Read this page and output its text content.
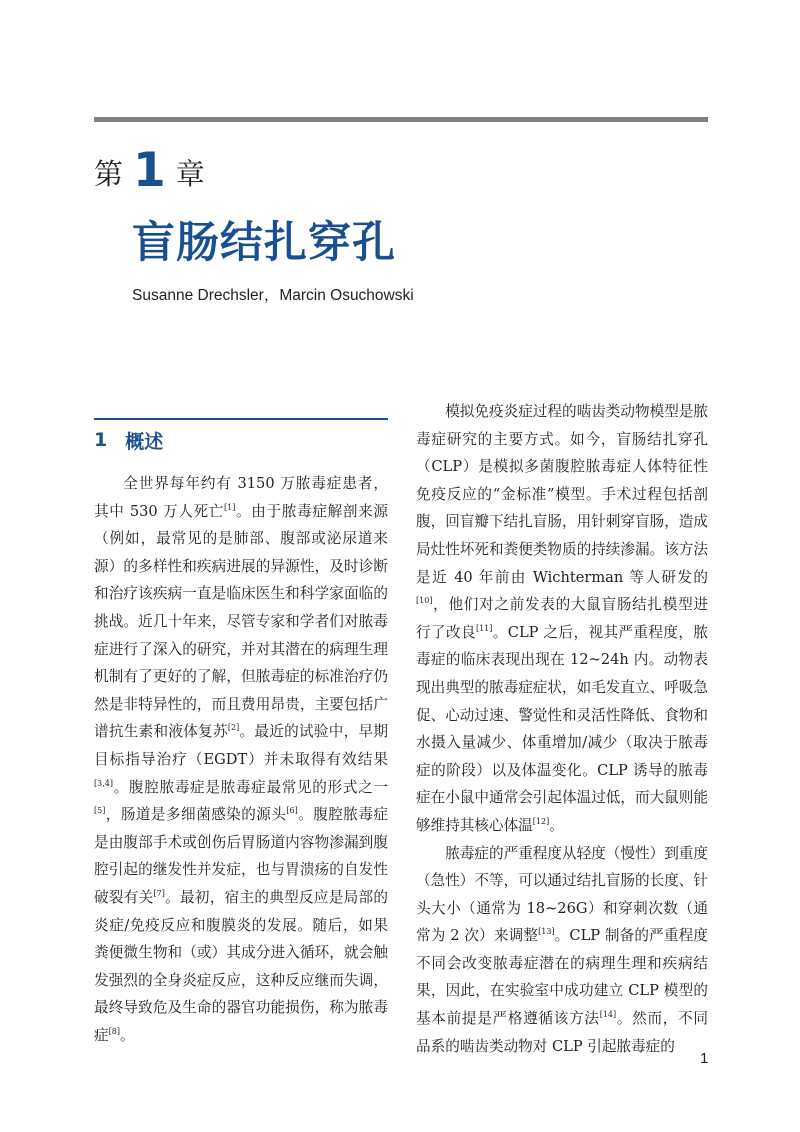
第 1 章
盲肠结扎穿孔
Susanne Drechsler，Marcin Osuchowski
1 概述

全世界每年约有 3150 万脓毒症患者，其中 530 万人死亡[1]。由于脓毒症解剖来源（例如，最常见的是肺部、腹部或泌尿道来源）的多样性和疾病进展的异源性，及时诊断和治疗该疾病一直是临床医生和科学家面临的挑战。近几十年来，尽管专家和学者们对脓毒症进行了深入的研究，并对其潜在的病理生理机制有了更好的了解，但脓毒症的标准治疗仍然是非特异性的，而且费用昂贵，主要包括广谱抗生素和液体复苏[2]。最近的试验中，早期目标指导治疗（EGDT）并未取得有效结果[3,4]。腹腔脓毒症是脓毒症最常见的形式之一[5]，肠道是多细菌感染的源头[6]。腹腔脓毒症是由腹部手术或创伤后胃肠道内容物渗漏到腹腔引起的继发性并发症，也与胃溃疡的自发性破裂有关[7]。最初，宿主的典型反应是局部的炎症/免疫反应和腹膜炎的发展。随后，如果粪便微生物和（或）其成分进入循环，就会触发强烈的全身炎症反应，这种反应继而失调，最终导致危及生命的器官功能损伤，称为脓毒症[8]。

模拟免疫炎症过程的啮齿类动物模型是脓毒症研究的主要方式。如今，盲肠结扎穿孔（CLP）是模拟多菌腹腔脓毒症人体特征性免疫反应的“金标准”模型。手术过程包括剖腹，回盲瓣下结扎盲肠，用针刺穿盲肠，造成局灶性坏死和粪便类物质的持续渗漏。该方法是近 40 年前由 Wichterman 等人研发的[10]，他们对之前发表的大鼠盲肠结扎模型进行了改良[11]。CLP 之后，视其严重程度，脓毒症的临床表现出现在 12~24h 内。动物表现出典型的脓毒症症状，如毛发直立、呼吸急促、心动过速、警觉性和灵活性降低、食物和水摄入量减少、体重增加/减少（取决于脓毒症的阶段）以及体温变化。CLP 诱导的脓毒症在小鼠中通常会引起体温过低，而大鼠则能够维持其核心体温[12]。

脓毒症的严重程度从轻度（慢性）到重度（急性）不等，可以通过结扎盲肠的长度、针头大小（通常为 18~26G）和穿刺次数（通常为 2 次）来调整[13]。CLP 制备的严重程度不同会改变脓毒症潜在的病理生理和疾病结果，因此，在实验室中成功建立 CLP 模型的基本前提是严格遵循该方法[14]。然而，不同品系的啮齿类动物对 CLP 引起脓毒症的

1
